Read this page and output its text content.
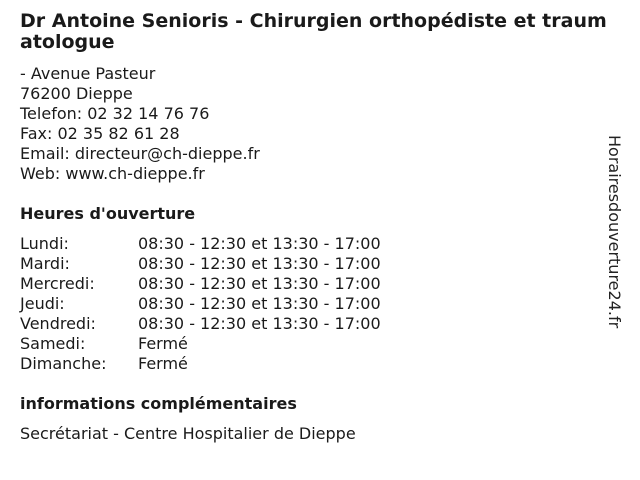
Dr Antoine Senioris - Chirurgien orthopédiste et traumatologue
- Avenue Pasteur
76200 Dieppe
Telefon: 02 32 14 76 76
Fax: 02 35 82 61 28
Email: directeur@ch-dieppe.fr
Web: www.ch-dieppe.fr
Heures d'ouverture
Lundi:	08:30 - 12:30 et 13:30 - 17:00
Mardi:	08:30 - 12:30 et 13:30 - 17:00
Mercredi:	08:30 - 12:30 et 13:30 - 17:00
Jeudi:	08:30 - 12:30 et 13:30 - 17:00
Vendredi:	08:30 - 12:30 et 13:30 - 17:00
Samedi:	Fermé
Dimanche:	Fermé
informations complémentaires
Secrétariat - Centre Hospitalier de Dieppe
Horairesdouverture24.fr
